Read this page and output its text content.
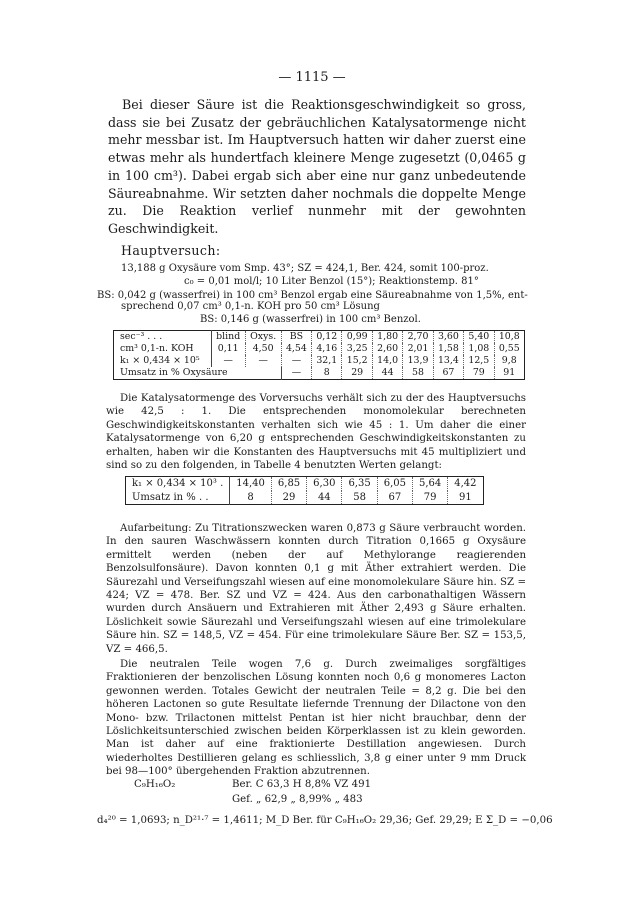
— 1115 —

Bei dieser Säure ist die Reaktionsgeschwindigkeit so gross, dass sie bei Zusatz der gebräuchlichen Katalysatormenge nicht mehr messbar ist. Im Hauptversuch hatten wir daher zuerst eine etwas mehr als hundertfach kleinere Menge zugesetzt (0,0465 g in 100 cm³). Dabei ergab sich aber eine nur ganz unbedeutende Säureabnahme. Wir setzten daher nochmals die doppelte Menge zu. Die Reaktion verlief nunmehr mit der gewohnten Geschwindigkeit.

Hauptversuch:
13,188 g Oxysäure vom Smp. 43°; SZ = 424,1, Ber. 424, somit 100-proz.
c₀ = 0,01 mol/l; 10 Liter Benzol (15°); Reaktionstemp. 81°
BS: 0,042 g (wasserfrei) in 100 cm³ Benzol ergab eine Säureabnahme von 1,5%, ent-
sprechend 0,07 cm³ 0,1-n. KOH pro 50 cm³ Lösung
sec⁻³ . . .	blind	Oxys.	BS	0,12	0,99	1,80	2,70	3,60	5,40	10,8
cm³ 0,1-n. KOH	0,11	4,50	4,54	4,16	3,25	2,60	2,01	1,58	1,08	0,55
k₁ × 0,434 × 10⁵	—	—	—	32,1	15,2	14,0	13,9	13,4	12,5	9,8
Umsatz in % Oxysäure			—	8	29	44	58	67	79	91

Die Katalysatormenge des Vorversuchs verhält sich zu der des Hauptversuchs wie 42,5 : 1. Die entsprechenden monomolekular berechneten Geschwindigkeitskonstanten verhalten sich wie 45 : 1. Um daher die einer Katalysatormenge von 6,20 g entsprechenden Geschwindigkeitskonstanten zu erhalten, haben wir die Konstanten des Hauptversuchs mit 45 multipliziert und sind so zu den folgenden, in Tabelle 4 benutzten Werten gelangt:

k₁ × 0,434 × 10³ .	14,40	6,85	6,30	6,35	6,05	5,64	4,42
Umsatz in % . .	8	29	44	58	67	79	91

Aufarbeitung: Zu Titrationszwecken waren 0,873 g Säure verbraucht worden. In den sauren Waschwässern konnten durch Titration 0,1665 g Oxysäure ermittelt werden (neben der auf Methylorange reagierenden Benzolsulfonsäure). Davon konnten 0,1 g mit Äther extrahiert werden. Die Säurezahl und Verseifungszahl wiesen auf eine monomolekulare Säure hin. SZ = 424; VZ = 478. Ber. SZ und VZ = 424. Aus den carbonathaltigen Wässern wurden durch Ansäuern und Extrahieren mit Äther 2,493 g Säure erhalten. Löslichkeit sowie Säurezahl und Verseifungszahl wiesen auf eine trimolekulare Säure hin. SZ = 148,5, VZ = 454. Für eine trimolekulare Säure Ber. SZ = 153,5, VZ = 466,5.

Die neutralen Teile wogen 7,6 g. Durch zweimaliges sorgfältiges Fraktionieren der benzolischen Lösung konnten noch 0,6 g monomeres Lacton gewonnen werden. Totales Gewicht der neutralen Teile = 8,2 g. Die bei den höheren Lactonen so gute Resultate liefernde Trennung der Dilactone von den Mono- bzw. Trilactonen mittelst Pentan ist hier nicht brauchbar, denn der Löslichkeitsunterschied zwischen beiden Körperklassen ist zu klein geworden. Man ist daher auf eine fraktionierte Destillation angewiesen. Durch wiederholtes Destillieren gelang es schliesslich, 3,8 g einer unter 9 mm Druck bei 98—100° übergehenden Fraktion abzutrennen.

C₉H₁₆O₂	Ber. C 63,3 H 8,8% VZ 491
Gef. „ 62,9 „ 8,99% „ 483
d₄²⁰ = 1,0693; n_D²¹·⁷ = 1,4611; M_D Ber. für C₉H₁₆O₂ 29,36; Gef. 29,29; E Σ_D = −0,06
BS: 0,146 g (wasserfrei) in 100 cm³ Benzol.
